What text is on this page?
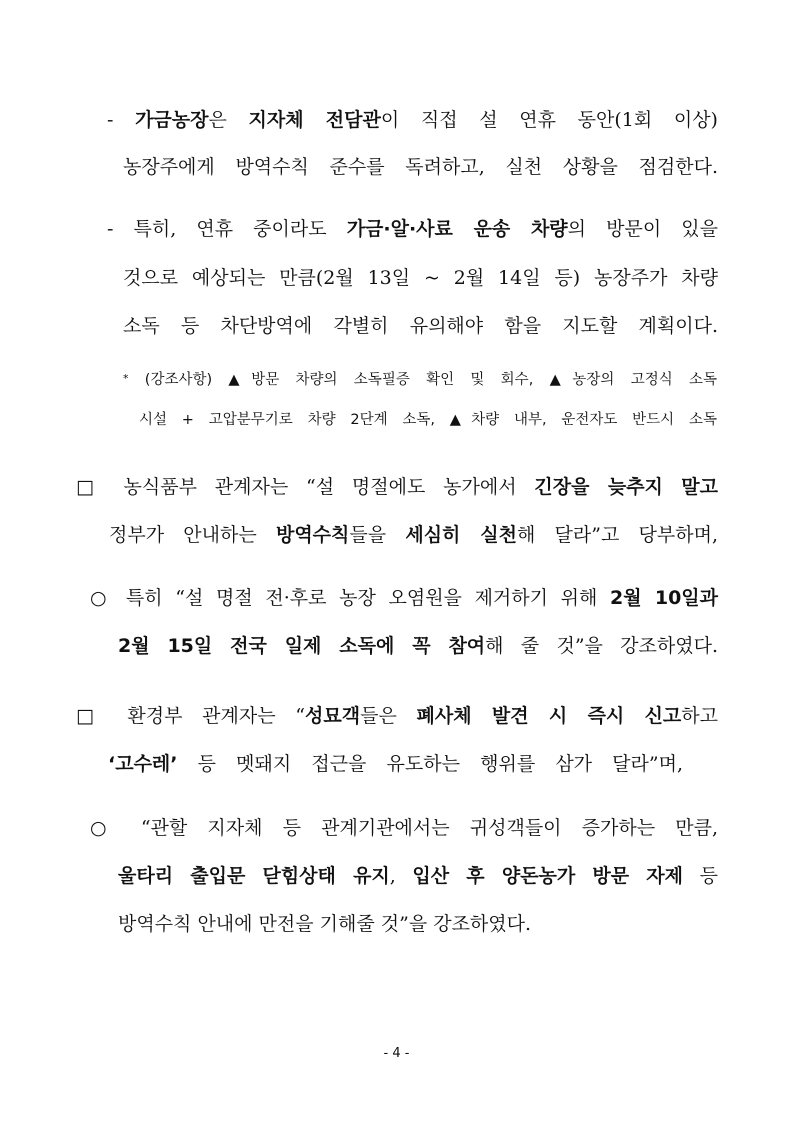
- 가금농장은 지자체 전담관이 직접 설 연휴 동안(1회 이상)
농장주에게 방역수칙 준수를 독려하고, 실천 상황을 점검한다.
- 특히, 연휴 중이라도 가금·알·사료 운송 차량의 방문이 있을
것으로 예상되는 만큼(2월 13일 ~ 2월 14일 등) 농장주가 차량
소독 등 차단방역에 각별히 유의해야 함을 지도할 계획이다.
* (강조사항) ▲방문 차량의 소독필증 확인 및 회수, ▲농장의 고정식 소독
시설 + 고압분무기로 차량 2단계 소독, ▲차량 내부, 운전자도 반드시 소독
□ 농식품부 관계자는 “설 명절에도 농가에서 긴장을 늦추지 말고
정부가 안내하는 방역수칙들을 세심히 실천해 달라”고 당부하며,
○ 특히 “설 명절 전·후로 농장 오염원을 제거하기 위해 2월 10일과
2월 15일 전국 일제 소독에 꼭 참여해 줄 것”을 강조하였다.
□ 환경부 관계자는 “성묘객들은 폐사체 발견 시 즉시 신고하고
‘고수레’ 등 멧돼지 접근을 유도하는 행위를 삼가 달라”며,
○ “관할 지자체 등 관계기관에서는 귀성객들이 증가하는 만큼,
울타리 출입문 닫힘상태 유지, 입산 후 양돈농가 방문 자제 등
방역수칙 안내에 만전을 기해줄 것”을 강조하였다.
- 4 -
